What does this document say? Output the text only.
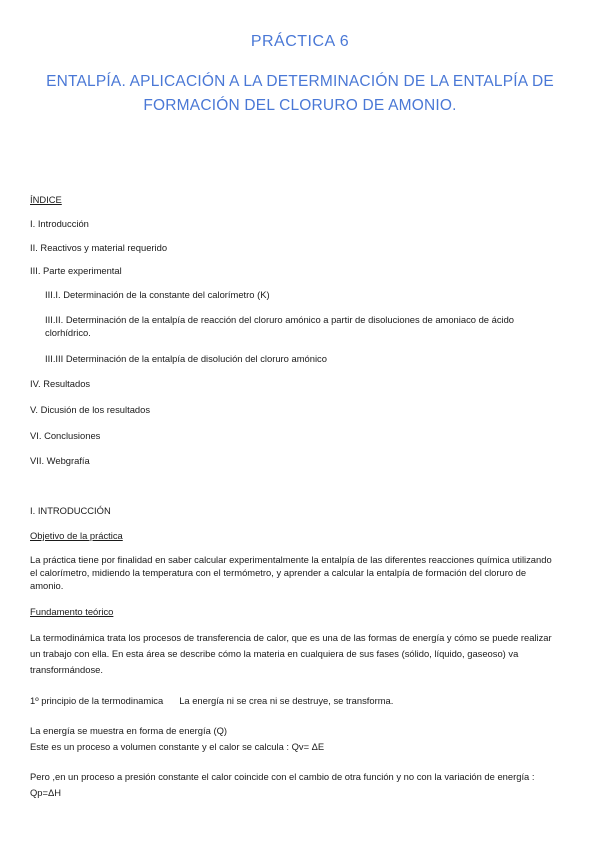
PRÁCTICA 6
ENTALPÍA. APLICACIÓN A LA DETERMINACIÓN DE LA ENTALPÍA DE FORMACIÓN DEL CLORURO DE AMONIO.
ÍNDICE
I. Introducción
II. Reactivos y material requerido
III. Parte experimental
III.I. Determinación de la constante del calorímetro (K)
III.II. Determinación de la entalpía de reacción del cloruro amónico a partir de disoluciones de amoniaco de ácido clorhídrico.
III.III Determinación de la entalpía de disolución del cloruro amónico
IV. Resultados
V. Dicusión de los resultados
VI. Conclusiones
VII. Webgrafía
I. INTRODUCCIÓN
Objetivo de la práctica
La práctica tiene por finalidad en saber calcular experimentalmente la entalpía de las diferentes reacciones química utilizando el calorímetro, midiendo la temperatura con el termómetro, y aprender a calcular la entalpía de formación del cloruro de amonio.
Fundamento teórico
La termodinámica trata los procesos de transferencia de calor, que es una de las formas de energía y cómo se puede realizar un trabajo con ella. En esta área se describe cómo la materia en cualquiera de sus fases (sólido, líquido, gaseoso) va transformándose.
1º principio de la termodinamica La energía ni se crea ni se destruye, se transforma.
La energía se muestra en forma de energía (Q)
Este es un proceso a volumen constante y el calor se calcula : Qv= ΔE
Pero ,en un proceso a presión constante el calor coincide con el cambio de otra función y no con la variación de energía :
Qp=ΔH
